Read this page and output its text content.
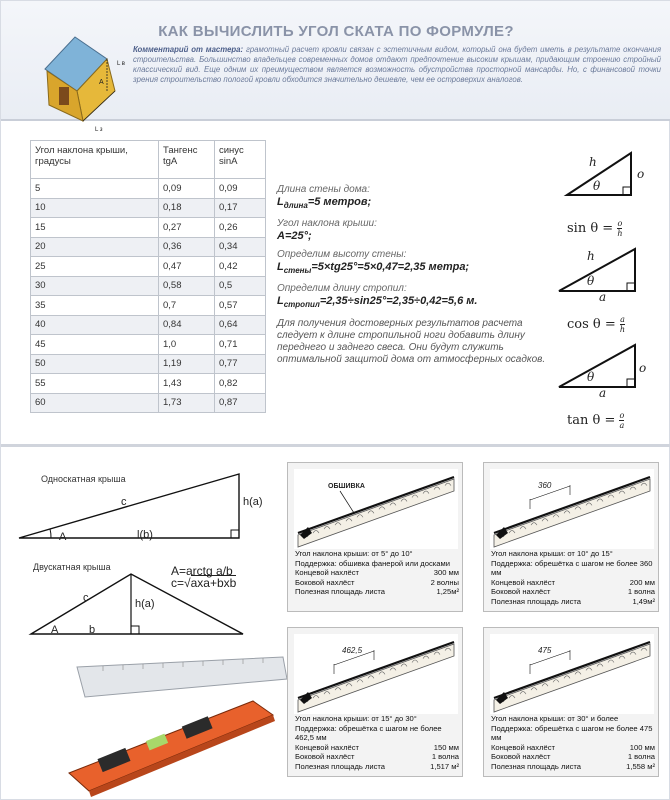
КАК ВЫЧИСЛИТЬ УГОЛ СКАТА ПО ФОРМУЛЕ?
L в
A
L з
Комментарий от мастера: грамотный расчет кровли связан с эстетичным видом, который она будет иметь в результате окончания строительства. Большинство владельцев современных домов отдают предпочтение высоким крышам, придающим строению стройный классический вид. Еще одним их преимуществом является возможность обустройства просторной мансарды. Но, с финансовой точки зрения строительство пологой кровли обходится значительно дешевле, чем ее островерхих аналогов.
Угол наклона крыши, градусы	Тангенс tgA	синус sinA
5	0,09	0,09
10	0,18	0,17
15	0,27	0,26
20	0,36	0,34
25	0,47	0,42
30	0,58	0,5
35	0,7	0,57
40	0,84	0,64
45	1,0	0,71
50	1,19	0,77
55	1,43	0,82
60	1,73	0,87
Длина стены дома:
$L_{длина}=5$ метров;
Угол наклона крыши:
A=25°;
Определим высоту стены:
$L_{стены}=5\times tg25^\circ=5\times 0,47=2,35$ метра;
Определим длину стропил:
$L_{стропил}=2,35\div\sin 25^\circ=2,35\div 0,42=5,6$ м.
Для получения достоверных результатов расчета следует к длине стропильной ноги добавить длину переднего и заднего свеса. Они будут служить оптимальной защитой дома от атмосферных осадков.
h
θ
o
$\sin \theta = \frac{o}{h}$
h
θ
a
$\cos \theta = \frac{a}{h}$
θ
o
a
$\tan \theta = \frac{o}{a}$
Односкатная крыша
c	h(a)
A	l(b)
Двускатная крыша
c	h(a)
A	b
A=arctg a/b
c=√axa+bxb
ОБШИВКА
Угол наклона крыши: от 5° до 10°
Поддержка: обшивка фанерой или досками
Концевой нахлёст	300 мм
Боковой нахлёст	2 волны
Полезная площадь листа	1,25м²
360
Угол наклона крыши: от 10° до 15°
Поддержка: обрешётка с шагом не более 360 мм
Концевой нахлёст	200 мм
Боковой нахлёст	1 волна
Полезная площадь листа	1,49м²
462,5
Угол наклона крыши: от 15° до 30°
Поддержка: обрешётка с шагом не более 462,5 мм
Концевой нахлёст	150 мм
Боковой нахлёст	1 волна
Полезная площадь листа	1,517 м²
475
Угол наклона крыши: от 30° и более
Поддержка: обрешётка с шагом не более 475 мм
Концевой нахлёст	100 мм
Боковой нахлёст	1 волна
Полезная площадь листа	1,558 м²
